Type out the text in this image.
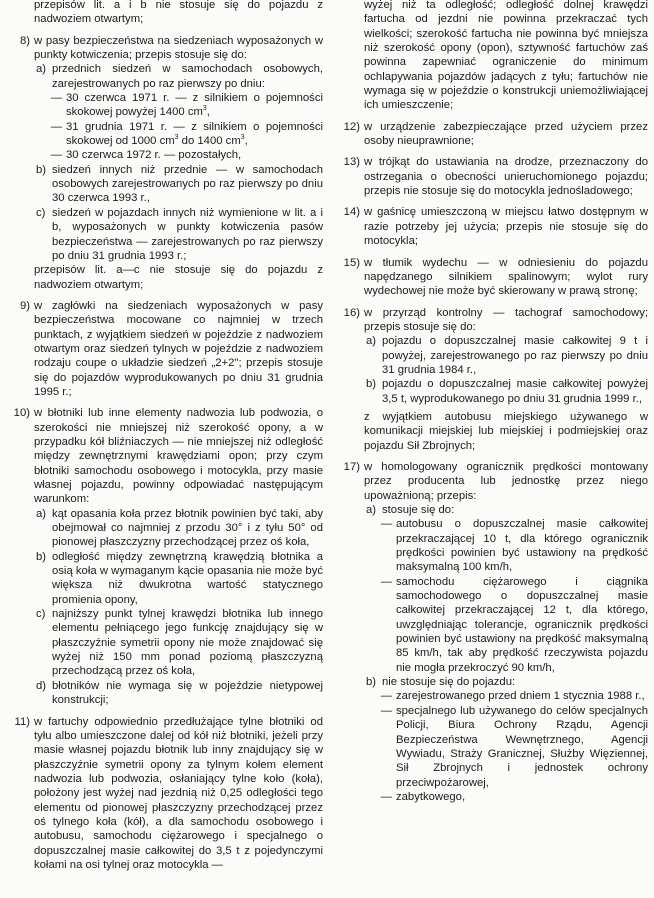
przepisów lit. a i b nie stosuje się do pojazdu z nadwoziem otwartym;
8) w pasy bezpieczeństwa na siedzeniach wyposażonych w punkty kotwiczenia; przepis stosuje się do:
a) przednich siedzeń w samochodach osobowych, zarejestrowanych po raz pierwszy po dniu:
— 30 czerwca 1971 r. — z silnikiem o pojemności skokowej powyżej 1400 $cm^3$,
— 31 grudnia 1971 r. — z silnikiem o pojemności skokowej od 1000 $cm^3$ do 1400 $cm^3$,
— 30 czerwca 1972 r. — pozostałych,
b) siedzeń innych niż przednie — w samochodach osobowych zarejestrowanych po raz pierwszy po dniu 30 czerwca 1993 r.,
c) siedzeń w pojazdach innych niż wymienione w lit. a i b, wyposażonych w punkty kotwiczenia pasów bezpieczeństwa — zarejestrowanych po raz pierwszy po dniu 31 grudnia 1993 r.;
przepisów lit. a—c nie stosuje się do pojazdu z nadwoziem otwartym;
9) w zagłówki na siedzeniach wyposażonych w pasy bezpieczeństwa mocowane co najmniej w trzech punktach, z wyjątkiem siedzeń w pojeździe z nadwoziem otwartym oraz siedzeń tylnych w pojeździe z nadwoziem rodzaju coupe o układzie siedzeń „2+2"; przepis stosuje się do pojazdów wyprodukowanych po dniu 31 grudnia 1995 r.;
10) w błotniki lub inne elementy nadwozia lub podwozia, o szerokości nie mniejszej niż szerokość opony, a w przypadku kół bliźniaczych — nie mniejszej niż odległość między zewnętrznymi krawędziami opon; przy czym błotniki samochodu osobowego i motocykla, przy masie własnej pojazdu, powinny odpowiadać następującym warunkom:
a) kąt opasania koła przez błotnik powinien być taki, aby obejmował co najmniej z przodu 30° i z tyłu 50° od pionowej płaszczyzny przechodzącej przez oś koła,
b) odległość między zewnętrzną krawędzią błotnika a osią koła w wymaganym kącie opasania nie może być większa niż dwukrotna wartość statycznego promienia opony,
c) najniższy punkt tylnej krawędzi błotnika lub innego elementu pełniącego jego funkcję znajdujący się w płaszczyźnie symetrii opony nie może znajdować się wyżej niż 150 mm ponad poziomą płaszczyzną przechodzącą przez oś koła,
d) błotników nie wymaga się w pojeździe nietypowej konstrukcji;
11) w fartuchy odpowiednio przedłużające tylne błotniki od tyłu albo umieszczone dalej od kół niż błotniki, jeżeli przy masie własnej pojazdu błotnik lub inny znajdujący się w płaszczyźnie symetrii opony za tylnym kołem element nadwozia lub podwozia, osłaniający tylne koło (koła), położony jest wyżej nad jezdnią niż 0,25 odległości tego elementu od pionowej płaszczyzny przechodzącej przez oś tylnego koła (kół), a dla samochodu osobowego i autobusu, samochodu ciężarowego i specjalnego o dopuszczalnej masie całkowitej do 3,5 t z pojedynczymi kołami na osi tylnej oraz motocykla —
wyżej niż ta odległość; odległość dolnej krawędzi fartucha od jezdni nie powinna przekraczać tych wielkości; szerokość fartucha nie powinna być mniejsza niż szerokość opony (opon), sztywność fartuchów zaś powinna zapewniać ograniczenie do minimum ochlapywania pojazdów jadących z tyłu; fartuchów nie wymaga się w pojeździe o konstrukcji uniemożliwiającej ich umieszczenie;
12) w urządzenie zabezpieczające przed użyciem przez osoby nieuprawnione;
13) w trójkąt do ustawiania na drodze, przeznaczony do ostrzegania o obecności unieruchomionego pojazdu; przepis nie stosuje się do motocykla jednośladowego;
14) w gaśnicę umieszczoną w miejscu łatwo dostępnym w razie potrzeby jej użycia; przepis nie stosuje się do motocykla;
15) w tłumik wydechu — w odniesieniu do pojazdu napędzanego silnikiem spalinowym; wylot rury wydechowej nie może być skierowany w prawą stronę;
16) w przyrząd kontrolny — tachograf samochodowy; przepis stosuje się do:
a) pojazdu o dopuszczalnej masie całkowitej 9 t i powyżej, zarejestrowanego po raz pierwszy po dniu 31 grudnia 1984 r.,
b) pojazdu o dopuszczalnej masie całkowitej powyżej 3,5 t, wyprodukowanego po dniu 31 grudnia 1999 r.,
z wyjątkiem autobusu miejskiego używanego w komunikacji miejskiej lub miejskiej i podmiejskiej oraz pojazdu Sił Zbrojnych;
17) w homologowany ogranicznik prędkości montowany przez producenta lub jednostkę przez niego upoważnioną; przepis:
a) stosuje się do:
— autobusu o dopuszczalnej masie całkowitej przekraczającej 10 t, dla którego ogranicznik prędkości powinien być ustawiony na prędkość maksymalną 100 km/h,
— samochodu ciężarowego i ciągnika samochodowego o dopuszczalnej masie całkowitej przekraczającej 12 t, dla którego, uwzględniając tolerancje, ogranicznik prędkości powinien być ustawiony na prędkość maksymalną 85 km/h, tak aby prędkość rzeczywista pojazdu nie mogła przekroczyć 90 km/h,
b) nie stosuje się do pojazdu:
— zarejestrowanego przed dniem 1 stycznia 1988 r.,
— specjalnego lub używanego do celów specjalnych Policji, Biura Ochrony Rządu, Agencji Bezpieczeństwa Wewnętrznego, Agencji Wywiadu, Straży Granicznej, Służby Więziennej, Sił Zbrojnych i jednostek ochrony przeciwpożarowej,
— zabytkowego,
